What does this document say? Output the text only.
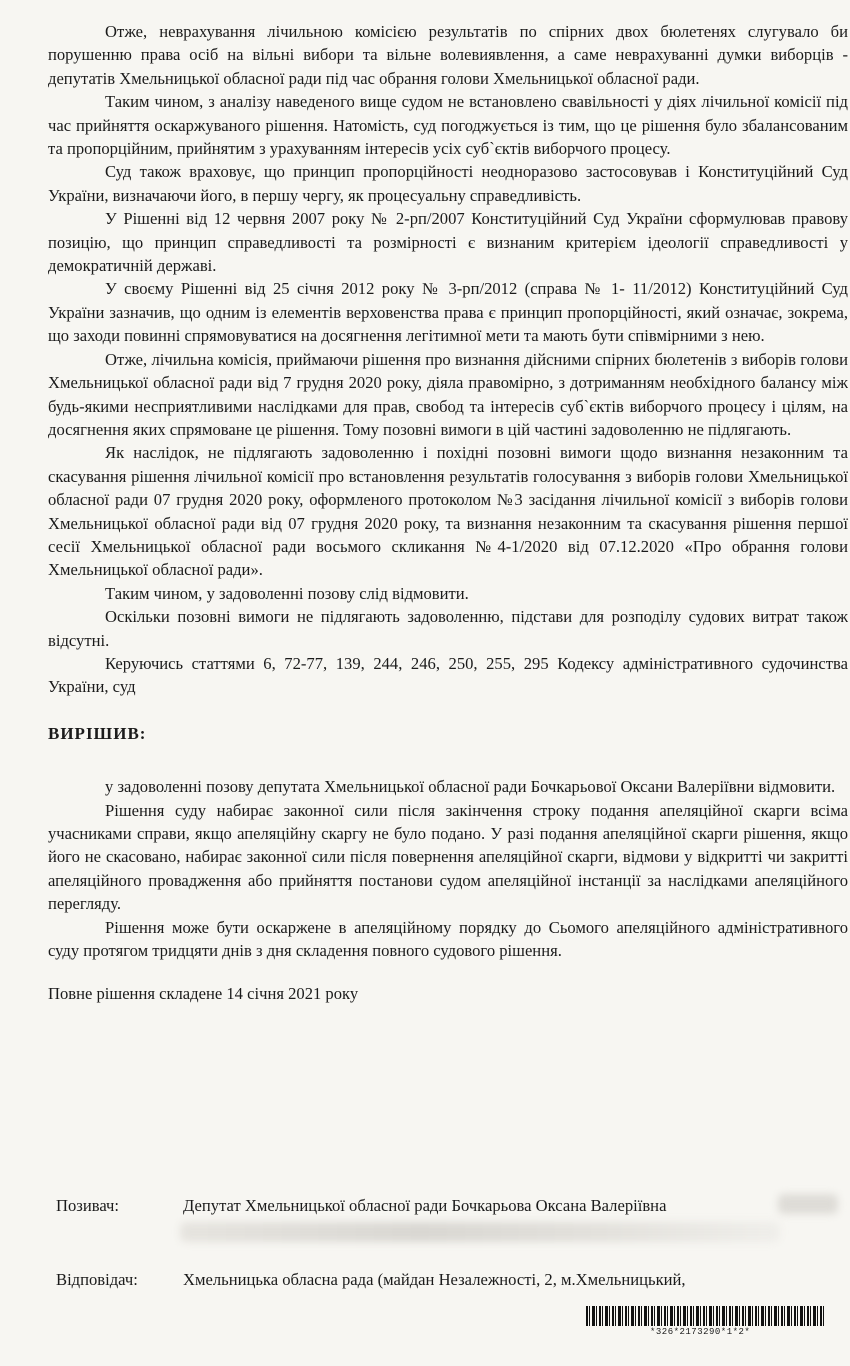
Отже, неврахування лічильною комісією результатів по спірних двох бюлетенях слугувало би порушенню права осіб на вільні вибори та вільне волевиявлення, а саме неврахуванні думки виборців - депутатів Хмельницької обласної ради під час обрання голови Хмельницької обласної ради.

Таким чином, з аналізу наведеного вище судом не встановлено свавільності у діях лічильної комісії під час прийняття оскаржуваного рішення. Натомість, суд погоджується із тим, що це рішення було збалансованим та пропорційним, прийнятим з урахуванням інтересів усіх суб`єктів виборчого процесу.

Суд також враховує, що принцип пропорційності неодноразово застосовував і Конституційний Суд України, визначаючи його, в першу чергу, як процесуальну справедливість.

У Рішенні від 12 червня 2007 року № 2-рп/2007 Конституційний Суд України сформулював правову позицію, що принцип справедливості та розмірності є визнаним критерієм ідеології справедливості у демократичній державі.

У своєму Рішенні від 25 січня 2012 року № 3-рп/2012 (справа № 1- 11/2012) Конституційний Суд України зазначив, що одним із елементів верховенства права є принцип пропорційності, який означає, зокрема, що заходи повинні спрямовуватися на досягнення легітимної мети та мають бути співмірними з нею.

Отже, лічильна комісія, приймаючи рішення про визнання дійсними спірних бюлетенів з виборів голови Хмельницької обласної ради від 7 грудня 2020 року, діяла правомірно, з дотриманням необхідного балансу між будь-якими несприятливими наслідками для прав, свобод та інтересів суб`єктів виборчого процесу і цілям, на досягнення яких спрямоване це рішення. Тому позовні вимоги в цій частині задоволенню не підлягають.

Як наслідок, не підлягають задоволенню і похідні позовні вимоги щодо визнання незаконним та скасування рішення лічильної комісії про встановлення результатів голосування з виборів голови Хмельницької обласної ради 07 грудня 2020 року, оформленого протоколом №3 засідання лічильної комісії з виборів голови Хмельницької обласної ради від 07 грудня 2020 року, та визнання незаконним та скасування рішення першої сесії Хмельницької обласної ради восьмого скликання №4-1/2020 від 07.12.2020 «Про обрання голови Хмельницької обласної ради».

Таким чином, у задоволенні позову слід відмовити.

Оскільки позовні вимоги не підлягають задоволенню, підстави для розподілу судових витрат також відсутні.

Керуючись статтями 6, 72-77, 139, 244, 246, 250, 255, 295 Кодексу адміністративного судочинства України, суд

ВИРІШИВ:

у задоволенні позову депутата Хмельницької обласної ради Бочкарьової Оксани Валеріївни відмовити.

Рішення суду набирає законної сили після закінчення строку подання апеляційної скарги всіма учасниками справи, якщо апеляційну скаргу не було подано. У разі подання апеляційної скарги рішення, якщо його не скасовано, набирає законної сили після повернення апеляційної скарги, відмови у відкритті чи закритті апеляційного провадження або прийняття постанови судом апеляційної інстанції за наслідками апеляційного перегляду.

Рішення може бути оскаржене в апеляційному порядку до Сьомого апеляційного адміністративного суду протягом тридцяти днів з дня складення повного судового рішення.

Повне рішення складене 14 січня 2021 року

Позивач:	Депутат Хмельницької обласної ради Бочкарьова Оксана Валеріївна
Відповідач:	Хмельницька обласна рада (майдан Незалежності, 2, м.Хмельницький,
*326*2173290*1*2*
